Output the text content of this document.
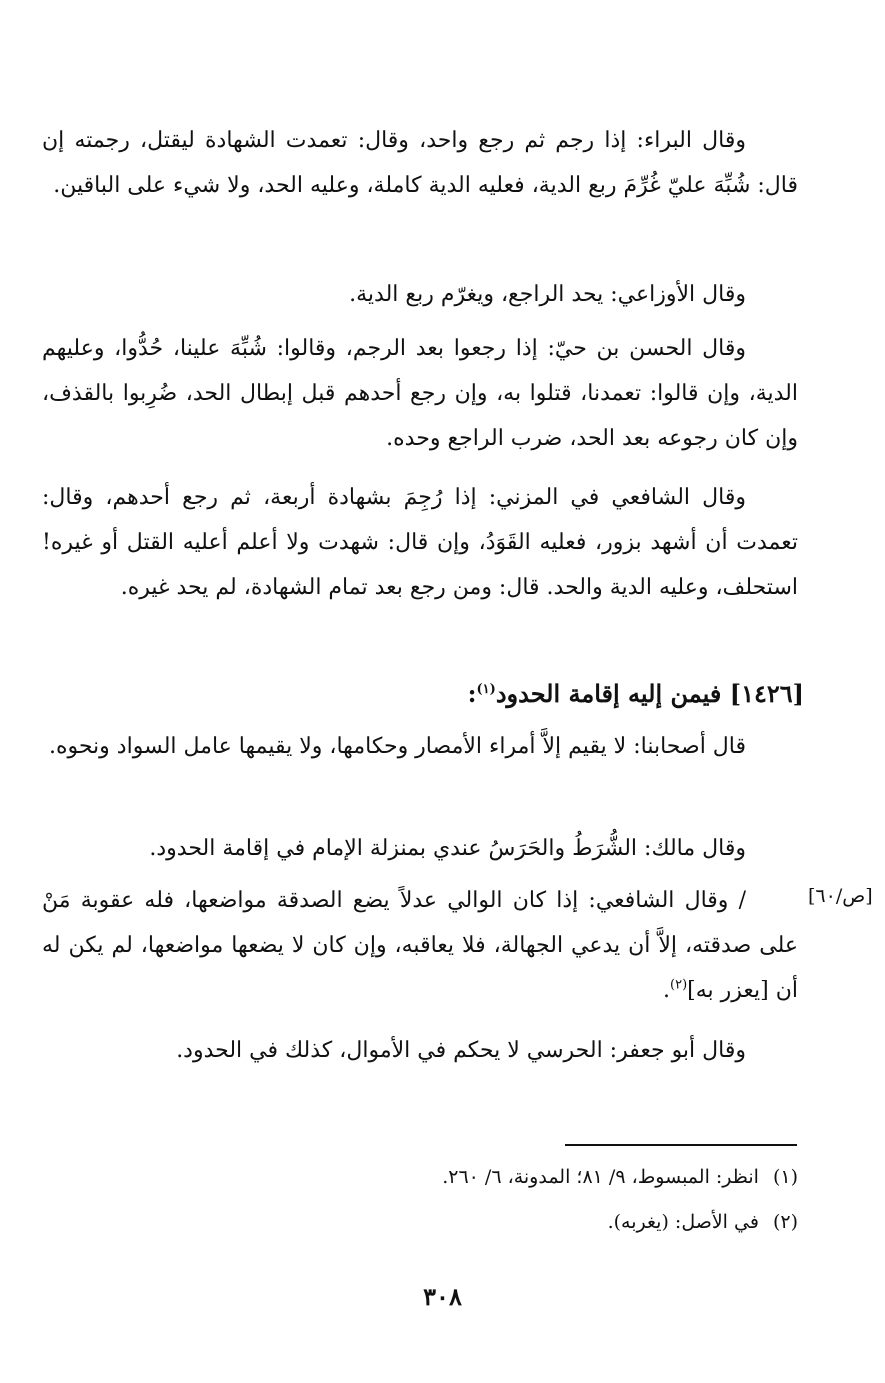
وقال البراء: إذا رجم ثم رجع واحد، وقال: تعمدت الشهادة ليقتل، رجمته إن قال: شُبِّهَ عليّ غُرِّمَ ربع الدية، فعليه الدية كاملة، وعليه الحد، ولا شيء على الباقين.

وقال الأوزاعي: يحد الراجع، ويغرّم ربع الدية.

وقال الحسن بن حيّ: إذا رجعوا بعد الرجم، وقالوا: شُبِّهَ علينا، حُدُّوا، وعليهم الدية، وإن قالوا: تعمدنا، قتلوا به، وإن رجع أحدهم قبل إبطال الحد، ضُرِبوا بالقذف، وإن كان رجوعه بعد الحد، ضرب الراجع وحده.

وقال الشافعي في المزني: إذا رُجِمَ بشهادة أربعة، ثم رجع أحدهم، وقال: تعمدت أن أشهد بزور، فعليه القَوَدُ، وإن قال: شهدت ولا أعلم أعليه القتل أو غيره! استحلف، وعليه الدية والحد. قال: ومن رجع بعد تمام الشهادة، لم يحد غيره.

[١٤٢٦] فيمن إليه إقامة الحدود$^{(١)}$:

قال أصحابنا: لا يقيم إلاَّ أمراء الأمصار وحكامها، ولا يقيمها عامل السواد ونحوه.

وقال مالك: الشُّرَطُ والحَرَسُ عندي بمنزلة الإمام في إقامة الحدود.

[ص/٦٠]

/ وقال الشافعي: إذا كان الوالي عدلاً يضع الصدقة مواضعها، فله عقوبة مَنْ على صدقته، إلاَّ أن يدعي الجهالة، فلا يعاقبه، وإن كان لا يضعها مواضعها، لم يكن له أن [يعزر به]$^{(٢)}$.

وقال أبو جعفر: الحرسي لا يحكم في الأموال، كذلك في الحدود.

(١)انظر: المبسوط، ٩/ ٨١؛ المدونة، ٦/ ٢٦٠.
(٢)في الأصل: (يغربه).
٣٠٨
